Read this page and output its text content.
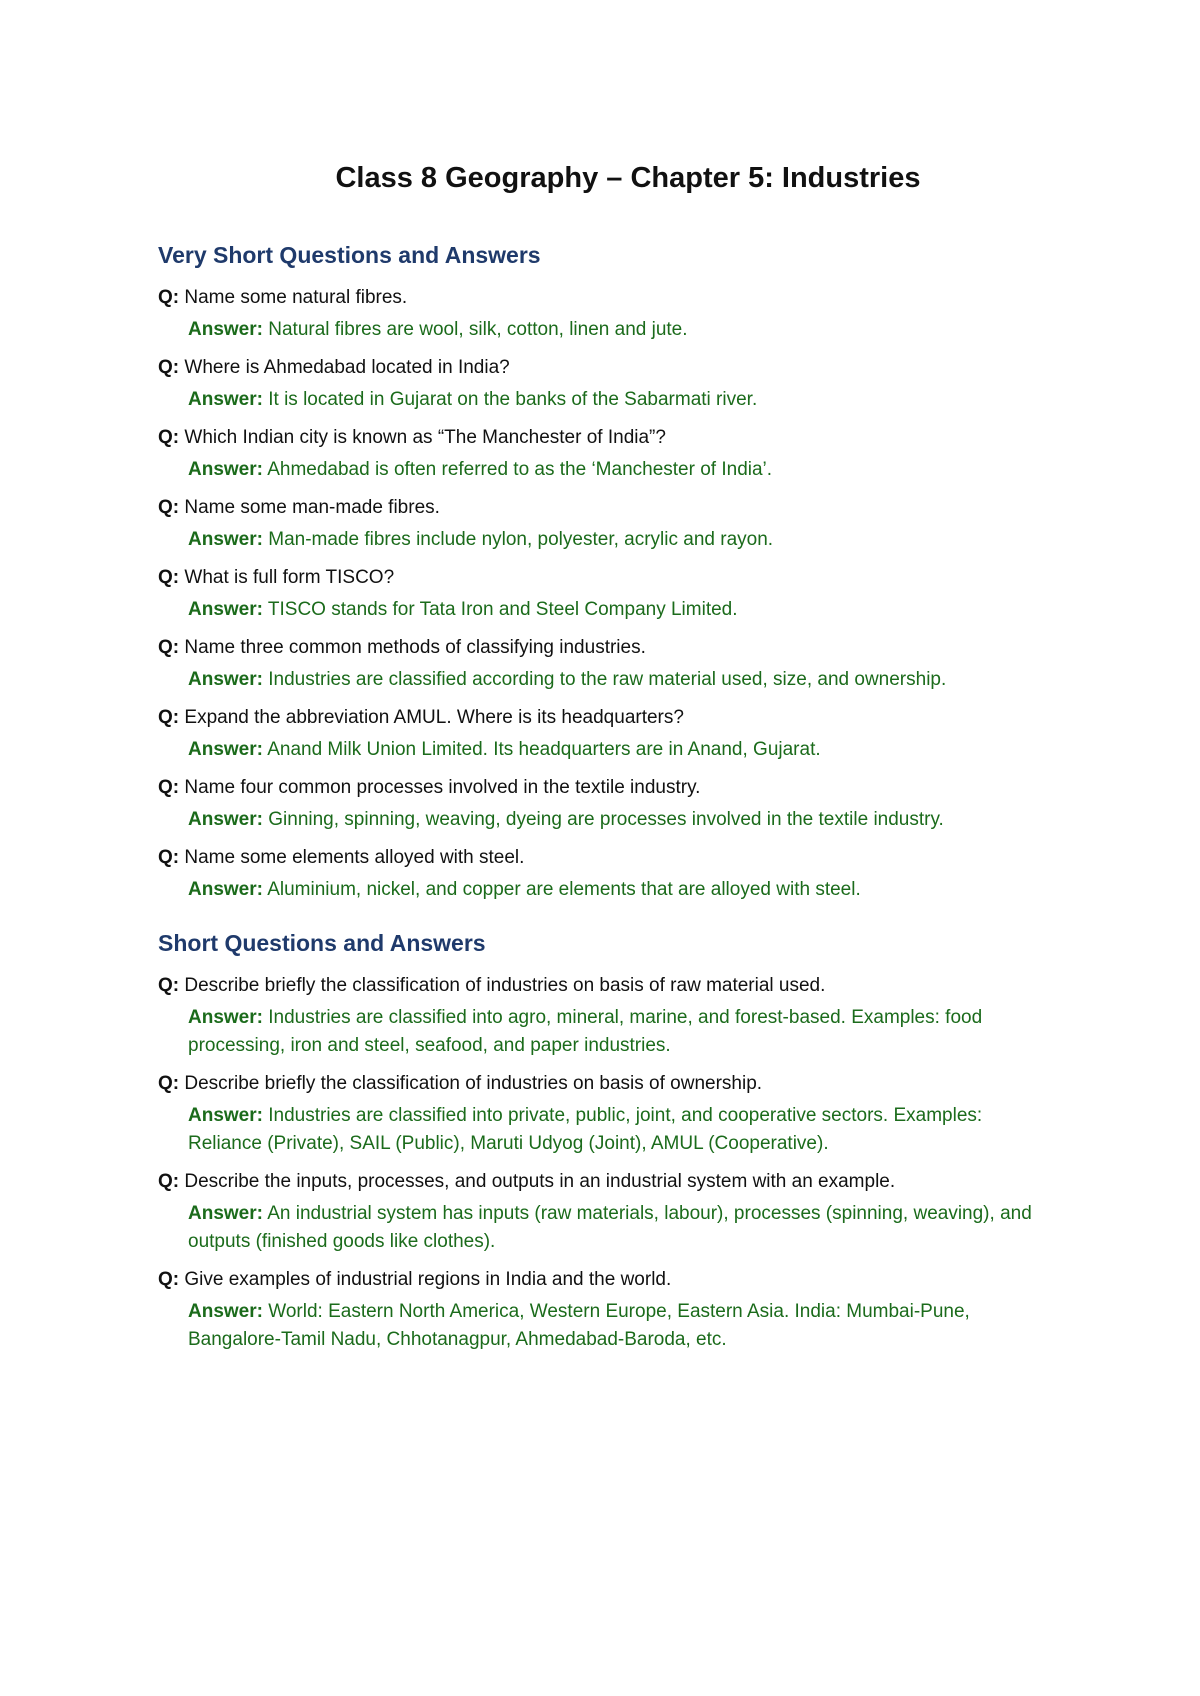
Class 8 Geography – Chapter 5: Industries
Very Short Questions and Answers
Q: Name some natural fibres.
Answer: Natural fibres are wool, silk, cotton, linen and jute.
Q: Where is Ahmedabad located in India?
Answer: It is located in Gujarat on the banks of the Sabarmati river.
Q: Which Indian city is known as “The Manchester of India”?
Answer: Ahmedabad is often referred to as the ‘Manchester of India’.
Q: Name some man-made fibres.
Answer: Man-made fibres include nylon, polyester, acrylic and rayon.
Q: What is full form TISCO?
Answer: TISCO stands for Tata Iron and Steel Company Limited.
Q: Name three common methods of classifying industries.
Answer: Industries are classified according to the raw material used, size, and ownership.
Q: Expand the abbreviation AMUL. Where is its headquarters?
Answer: Anand Milk Union Limited. Its headquarters are in Anand, Gujarat.
Q: Name four common processes involved in the textile industry.
Answer: Ginning, spinning, weaving, dyeing are processes involved in the textile industry.
Q: Name some elements alloyed with steel.
Answer: Aluminium, nickel, and copper are elements that are alloyed with steel.
Short Questions and Answers
Q: Describe briefly the classification of industries on basis of raw material used.
Answer: Industries are classified into agro, mineral, marine, and forest-based. Examples: food processing, iron and steel, seafood, and paper industries.
Q: Describe briefly the classification of industries on basis of ownership.
Answer: Industries are classified into private, public, joint, and cooperative sectors. Examples: Reliance (Private), SAIL (Public), Maruti Udyog (Joint), AMUL (Cooperative).
Q: Describe the inputs, processes, and outputs in an industrial system with an example.
Answer: An industrial system has inputs (raw materials, labour), processes (spinning, weaving), and outputs (finished goods like clothes).
Q: Give examples of industrial regions in India and the world.
Answer: World: Eastern North America, Western Europe, Eastern Asia. India: Mumbai-Pune, Bangalore-Tamil Nadu, Chhotanagpur, Ahmedabad-Baroda, etc.
